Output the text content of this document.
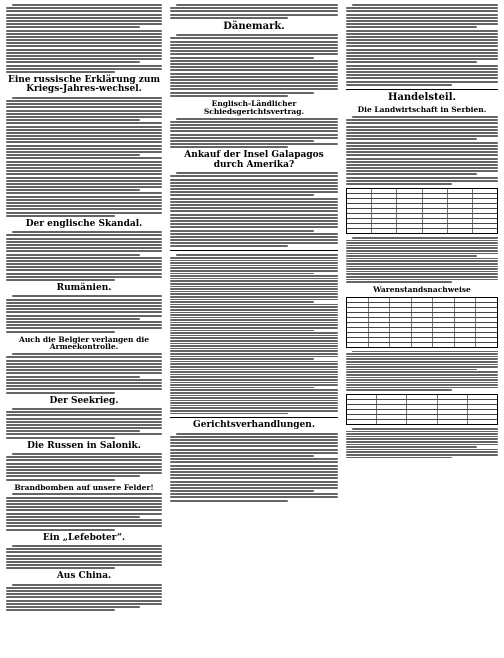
Eine russische Erklärung zum Kriegs-Jahres-wechsel.
Der englische Skandal.
Rumänien.
Auch die Belgier verlangen die Armeekontrolle.
Der Seekrieg.
Die Russen in Salonik.
Brandbomben auf unsere Felder!
Ein „Lefeboter“.
Aus China.
Dänemark.
Englisch-Ländlicher Schiedsgerichtsvertrag.
Ankauf der Insel Galapagos durch Amerika?
Gerichtsverhandlungen.
Handelsteil.
Die Landwirtschaft in Serbien.
Warenstandsnachweise
